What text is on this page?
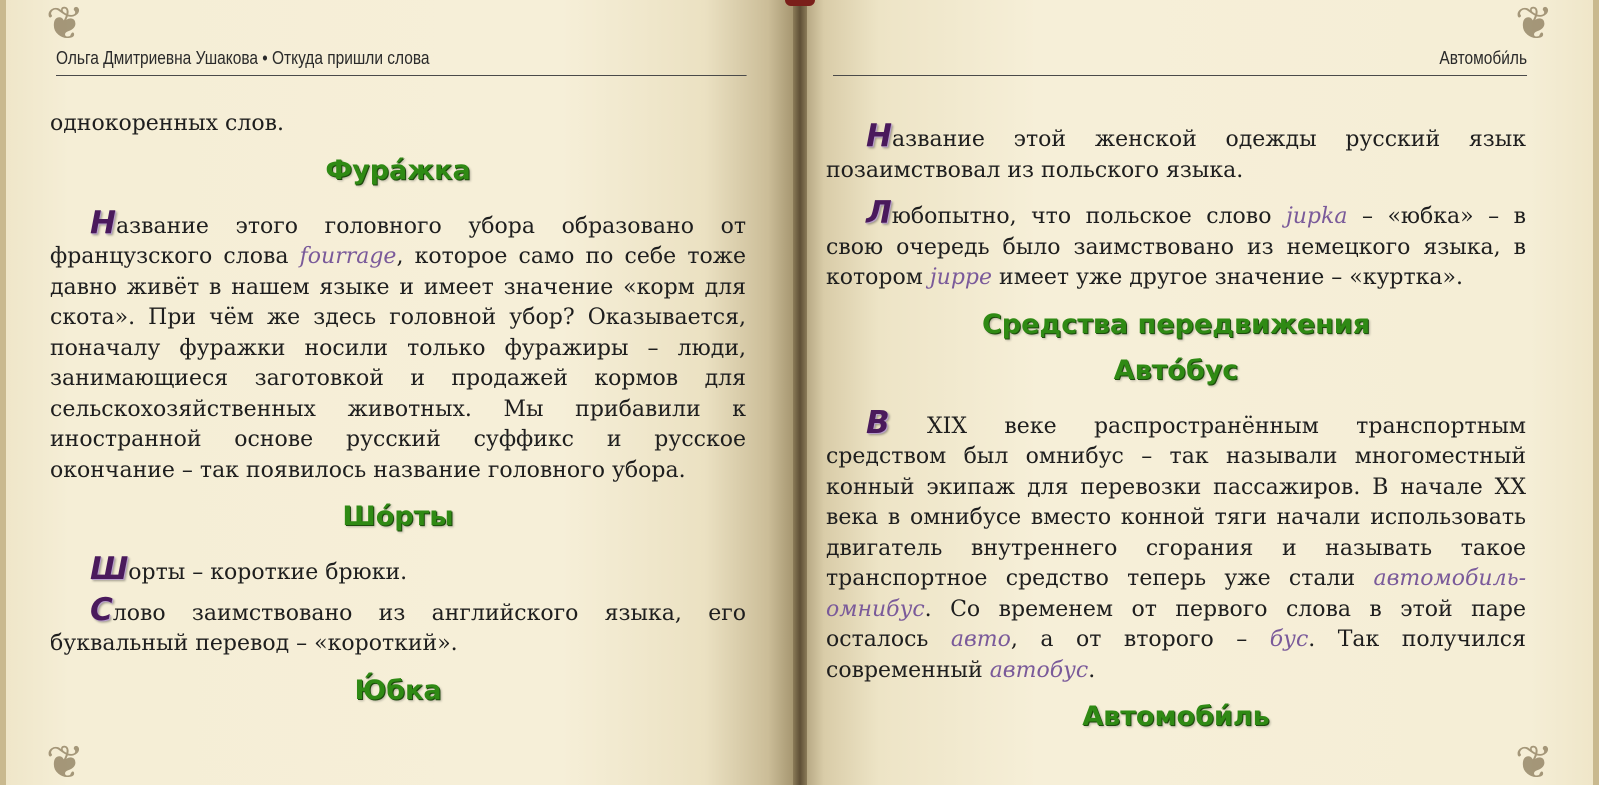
❦
❦
Ольга Дмитриевна Ушакова • Откуда пришли слова

однокоренных слов.

Фура́жка

Название этого головного убора образовано от французского слова fourrage, которое само по себе тоже давно живёт в нашем языке и имеет значение «корм для скота». При чём же здесь головной убор? Оказывается, поначалу фуражки носили только фуражиры – люди, занимающиеся заготовкой и продажей кормов для сельскохозяйственных животных. Мы прибавили к иностранной основе русский суффикс и русское окончание – так появилось название головного убора.

Шо́рты

Шорты – короткие брюки.

Слово заимствовано из английского языка, его буквальный перевод – «короткий».

Ю́бка
❦
❦
Автомоби́ль

Название этой женской одежды русский язык позаимствовал из польского языка.

Любопытно, что польское слово jupka – «юбка» – в свою очередь было заимствовано из немецкого языка, в котором juppe имеет уже другое значение – «куртка».

Средства передвижения
Авто́бус

В XIX веке распространённым транспортным средством был омнибус – так называли многоместный конный экипаж для перевозки пассажиров. В начале XX века в омнибусе вместо конной тяги начали использовать двигатель внутреннего сгорания и называть такое транспортное средство теперь уже стали автомобиль-омнибус. Со временем от первого слова в этой паре осталось авто, а от второго – бус. Так получился современный автобус.

Автомоби́ль
